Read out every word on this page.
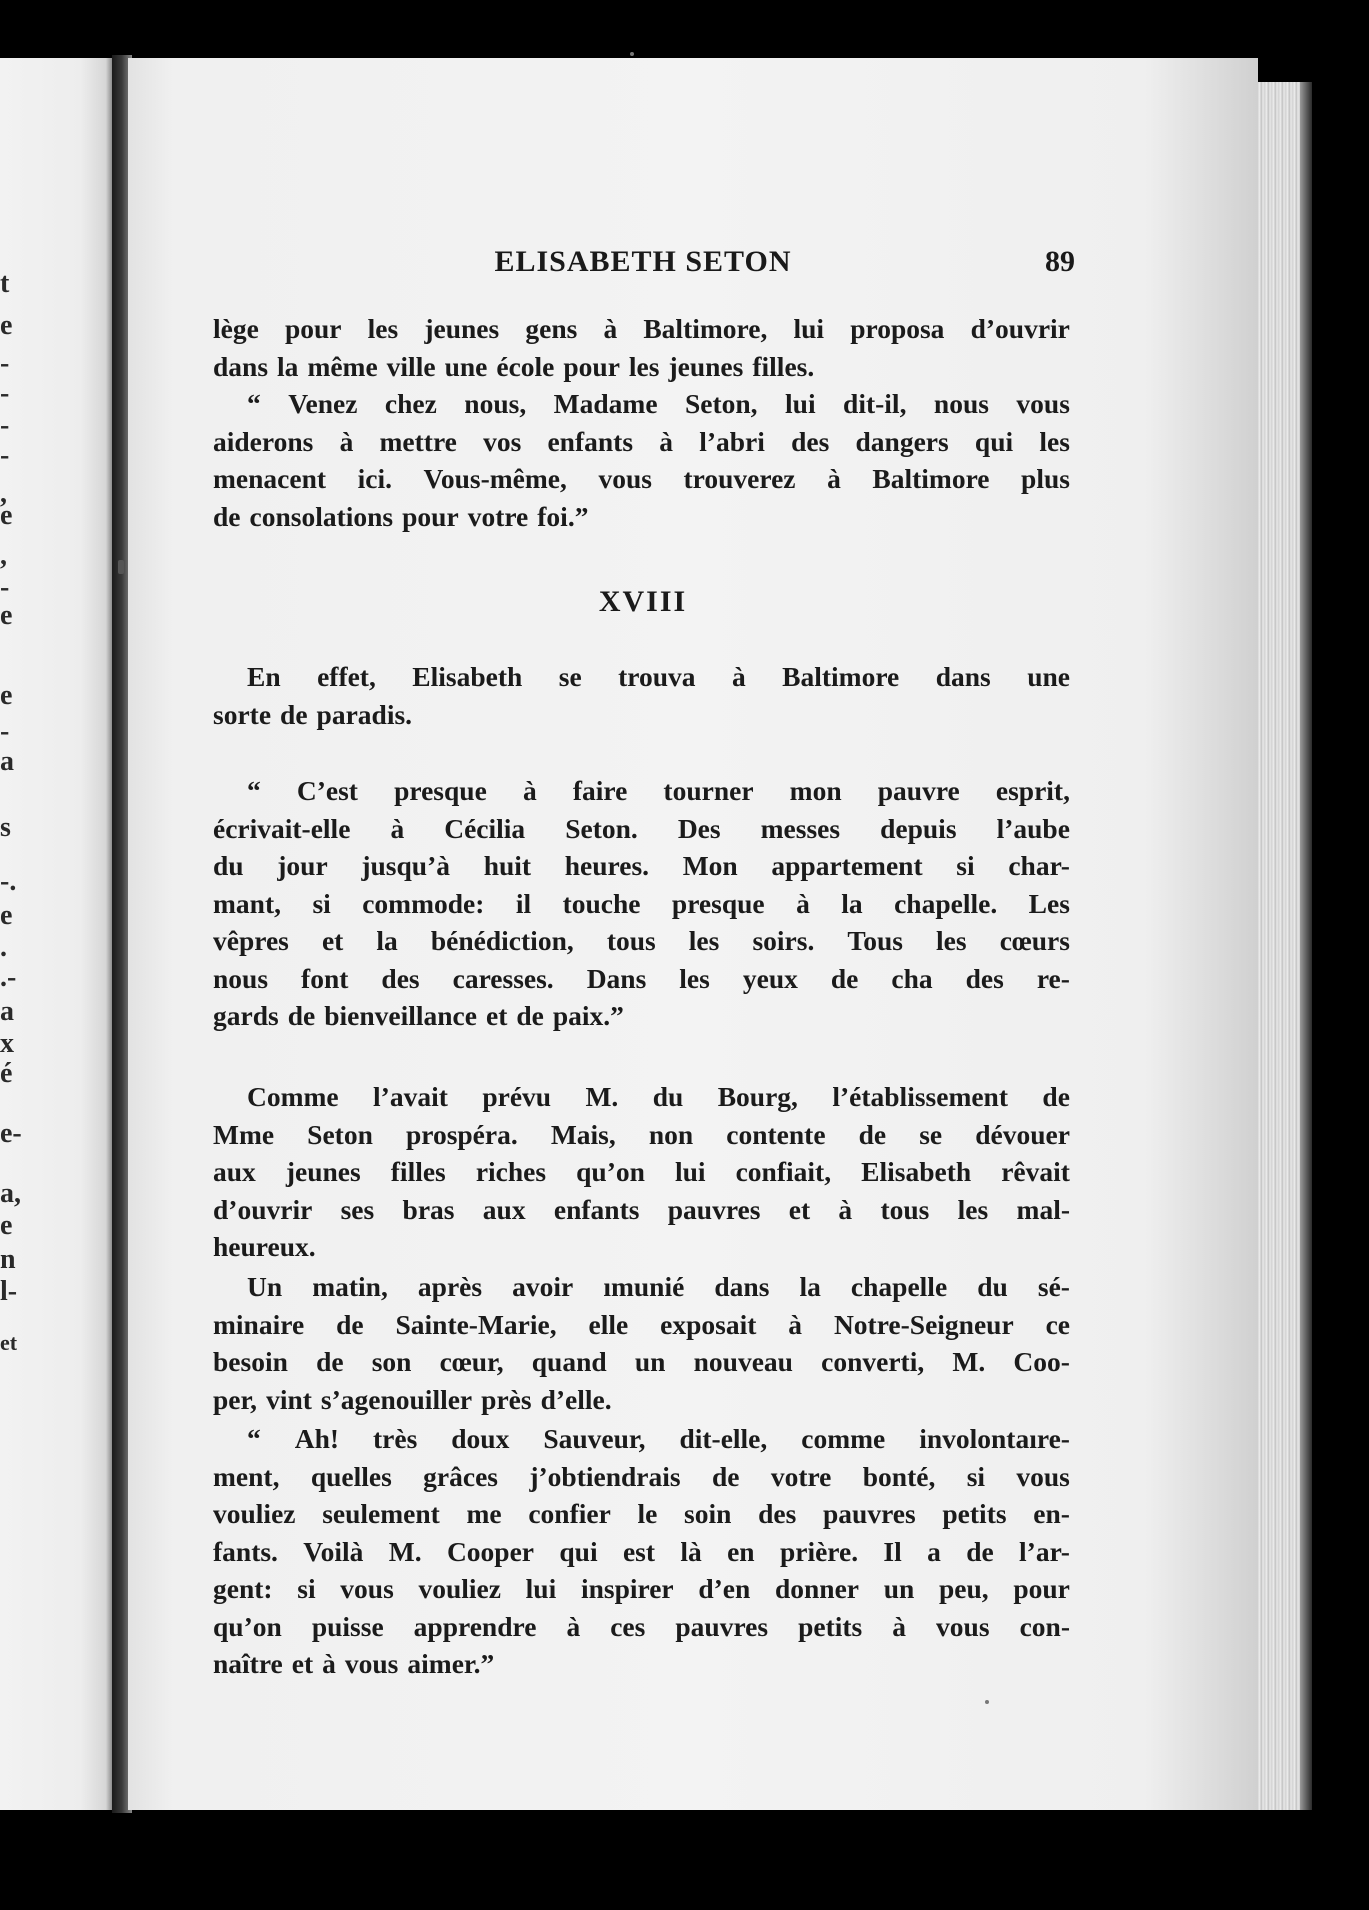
t
e
-
-
-
-
,
e
,
-
e
e
-
a
s
-.
e
.
.-
a
x
é
e-
a,
e
n
l-
et
ELISABETH SETON	89
lège pour les jeunes gens à Baltimore, lui proposa d’ouvrir
dans la même ville une école pour les jeunes filles.
“ Venez chez nous, Madame Seton, lui dit-il, nous vous
aiderons à mettre vos enfants à l’abri des dangers qui les
menacent ici. Vous-même, vous trouverez à Baltimore plus
de consolations pour votre foi.”
XVIII
En effet, Elisabeth se trouva à Baltimore dans une
sorte de paradis.
“ C’est presque à faire tourner mon pauvre esprit,
écrivait-elle à Cécilia Seton. Des messes depuis l’aube
du jour jusqu’à huit heures. Mon appartement si char-
mant, si commode: il touche presque à la chapelle. Les
vêpres et la bénédiction, tous les soirs. Tous les cœurs
nous font des caresses. Dans les yeux de cha des re-
gards de bienveillance et de paix.”
Comme l’avait prévu M. du Bourg, l’établissement de
Mme Seton prospéra. Mais, non contente de se dévouer
aux jeunes filles riches qu’on lui confiait, Elisabeth rêvait
d’ouvrir ses bras aux enfants pauvres et à tous les mal-
heureux.
Un matin, après avoir ımunié dans la chapelle du sé-
minaire de Sainte-Marie, elle exposait à Notre-Seigneur ce
besoin de son cœur, quand un nouveau converti, M. Coo-
per, vint s’agenouiller près d’elle.
“ Ah! très doux Sauveur, dit-elle, comme involontaıre-
ment, quelles grâces j’obtiendrais de votre bonté, si vous
vouliez seulement me confier le soin des pauvres petits en-
fants. Voilà M. Cooper qui est là en prière. Il a de l’ar-
gent: si vous vouliez lui inspirer d’en donner un peu, pour
qu’on puisse apprendre à ces pauvres petits à vous con-
naître et à vous aimer.”
